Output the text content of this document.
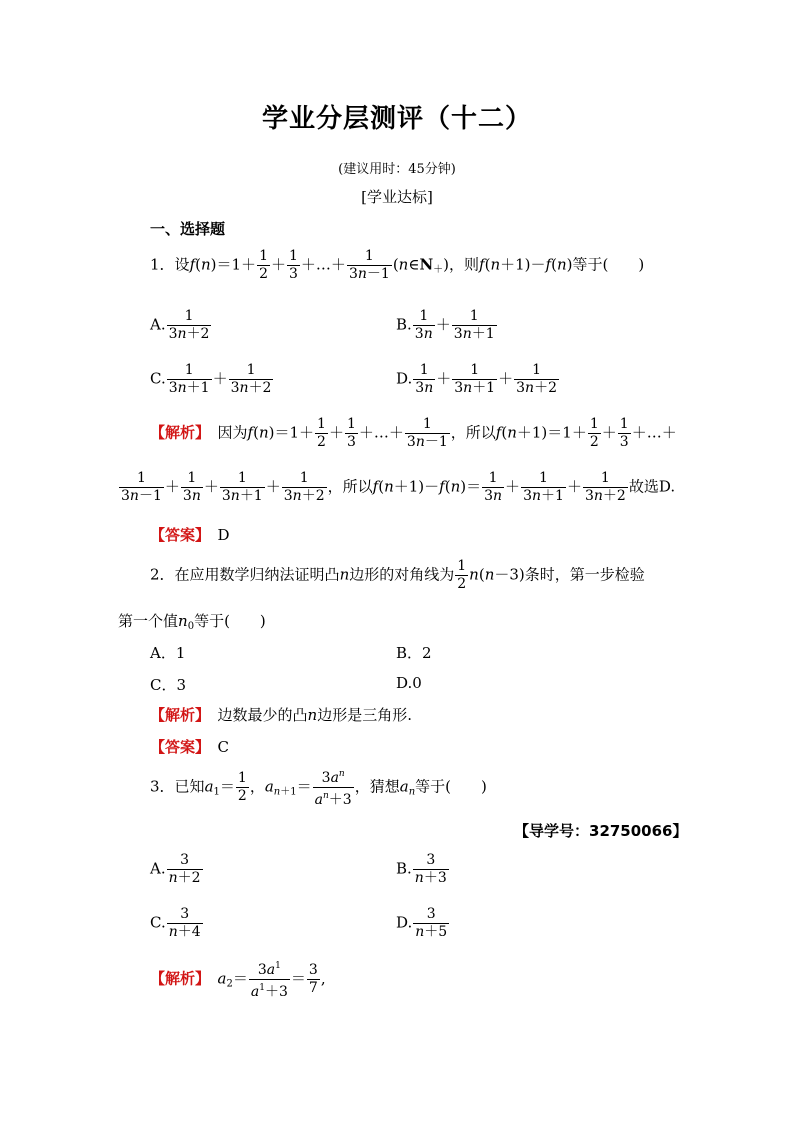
学业分层测评（十二）
(建议用时：45分钟)
[学业达标]
一、选择题
1．设$f(n)=1+ \frac{1}{2} + \frac{1}{3}$ ＋…＋ $\frac{1}{3n-1}$ $(n\in N_+)$，则f(n＋1)－f(n)等于(　　)
A. $\frac{1}{3n+2}$	B. $\frac{1}{3n} + \frac{1}{3n+1}$
C. $\frac{1}{3n+1} + \frac{1}{3n+2}$	D. $\frac{1}{3n} + \frac{1}{3n+1} + \frac{1}{3n+2}$
【解析】　因为$f(n)=1+ \frac{1}{2} + \frac{1}{3}$ ＋…＋ $\frac{1}{3n-1}$ ，所以$f(n+1)=1+ \frac{1}{2} + \frac{1}{3}$ ＋…＋
$\frac{1}{3n-1} + \frac{1}{3n} + \frac{1}{3n+1} + \frac{1}{3n+2}$ ，所以$f(n+1)-f(n)= \frac{1}{3n} + \frac{1}{3n+1} + \frac{1}{3n+2}$ 故选D.
【答案】　 D
2．在应用数学归纳法证明凸n边形的对角线为 $\frac{1}{2} n(n-3)$条时，第一步检验
第一个值$n_0$等于(　　)
A．1	B．2
C．3	D.0
【解析】　边数最少的凸n边形是三角形.
【答案】　 C
3．已知$a_1= \frac{1}{2}$ ，$a_{n+1}= \frac{3a^n}{a^n+3}$ ，猜想$a_n$等于(　　)
【导学号：32750066】
A. $\frac{3}{n+2}$	B. $\frac{3}{n+3}$
C. $\frac{3}{n+4}$	D. $\frac{3}{n+5}$
【解析】　 $a_2= \frac{3a^1}{a^1+3} = \frac{3}{7}$ ,
